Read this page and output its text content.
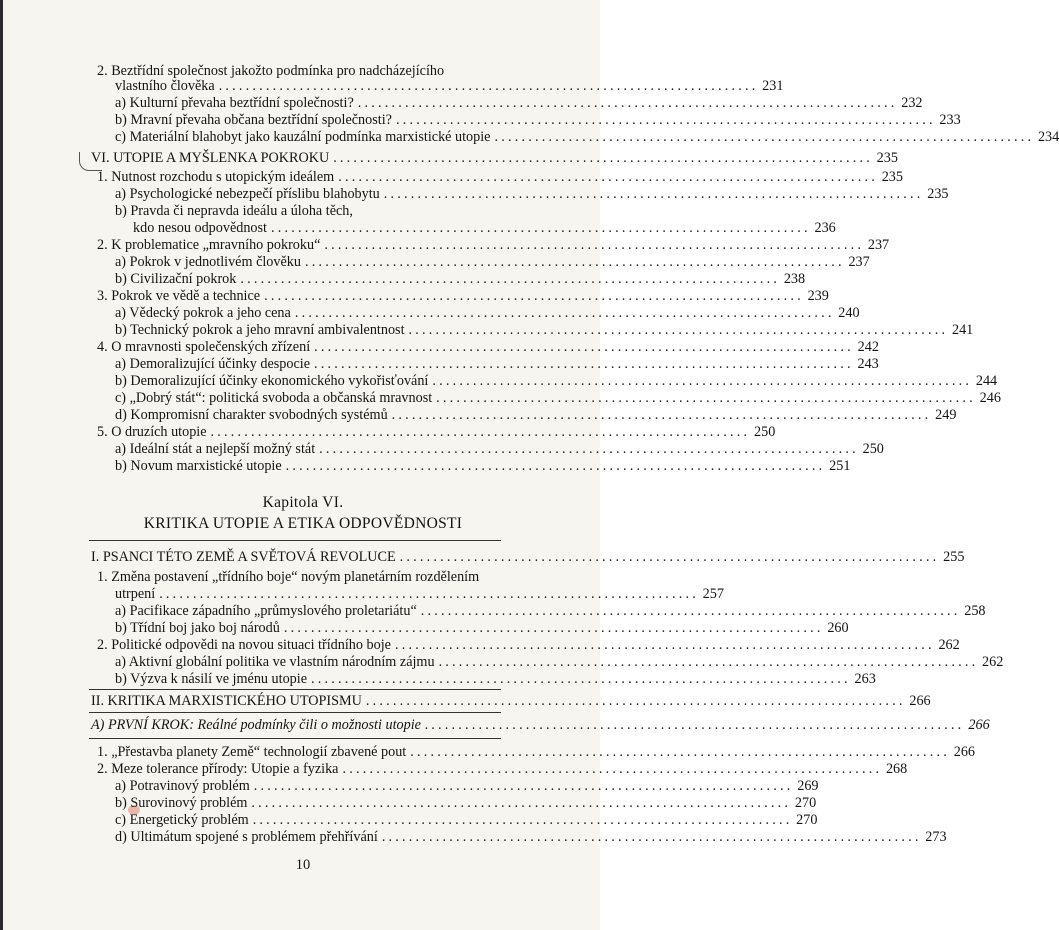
2. Beztřídní společnost jakožto podmínka pro nadcházejícího
vlastního člověka ................................................................................ 231
a) Kulturní převaha beztřídní společnosti? ................................................................................ 232
b) Mravní převaha občana beztřídní společnosti? ................................................................................ 233
c) Materiální blahobyt jako kauzální podmínka marxistické utopie ................................................................................ 234
VI. UTOPIE A MYŠLENKA POKROKU ................................................................................ 235
1. Nutnost rozchodu s utopickým ideálem ................................................................................ 235
a) Psychologické nebezpečí příslibu blahobytu ................................................................................ 235
b) Pravda či nepravda ideálu a úloha těch,
kdo nesou odpovědnost ................................................................................ 236
2. K problematice „mravního pokroku“ ................................................................................ 237
a) Pokrok v jednotlivém člověku ................................................................................ 237
b) Civilizační pokrok ................................................................................ 238
3. Pokrok ve vědě a technice ................................................................................ 239
a) Vědecký pokrok a jeho cena ................................................................................ 240
b) Technický pokrok a jeho mravní ambivalentnost ................................................................................ 241
4. O mravnosti společenských zřízení ................................................................................ 242
a) Demoralizující účinky despocie ................................................................................ 243
b) Demoralizující účinky ekonomického vykořisťování ................................................................................ 244
c) „Dobrý stát“: politická svoboda a občanská mravnost ................................................................................ 246
d) Kompromisní charakter svobodných systémů ................................................................................ 249
5. O druzích utopie ................................................................................ 250
a) Ideální stát a nejlepší možný stát ................................................................................ 250
b) Novum marxistické utopie ................................................................................ 251
I. PSANCI TÉTO ZEMĚ A SVĚTOVÁ REVOLUCE ................................................................................ 255
1. Změna postavení „třídního boje“ novým planetárním rozdělením
utrpení ................................................................................ 257
a) Pacifikace západního „průmyslového proletariátu“ ................................................................................ 258
b) Třídní boj jako boj národů ................................................................................ 260
2. Politické odpovědi na novou situaci třídního boje ................................................................................ 262
a) Aktivní globální politika ve vlastním národním zájmu ................................................................................ 262
b) Výzva k násilí ve jménu utopie ................................................................................ 263
II. KRITIKA MARXISTICKÉHO UTOPISMU ................................................................................ 266
A) PRVNÍ KROK: Reálné podmínky čili o možnosti utopie ................................................................................ 266
1. „Přestavba planety Země“ technologií zbavené pout ................................................................................ 266
2. Meze tolerance přírody: Utopie a fyzika ................................................................................ 268
a) Potravinový problém ................................................................................ 269
b) Surovinový problém ................................................................................ 270
c) Energetický problém ................................................................................ 270
d) Ultimátum spojené s problémem přehřívání ................................................................................ 273
Kapitola VI.
KRITIKA UTOPIE A ETIKA ODPOVĚDNOSTI
10
